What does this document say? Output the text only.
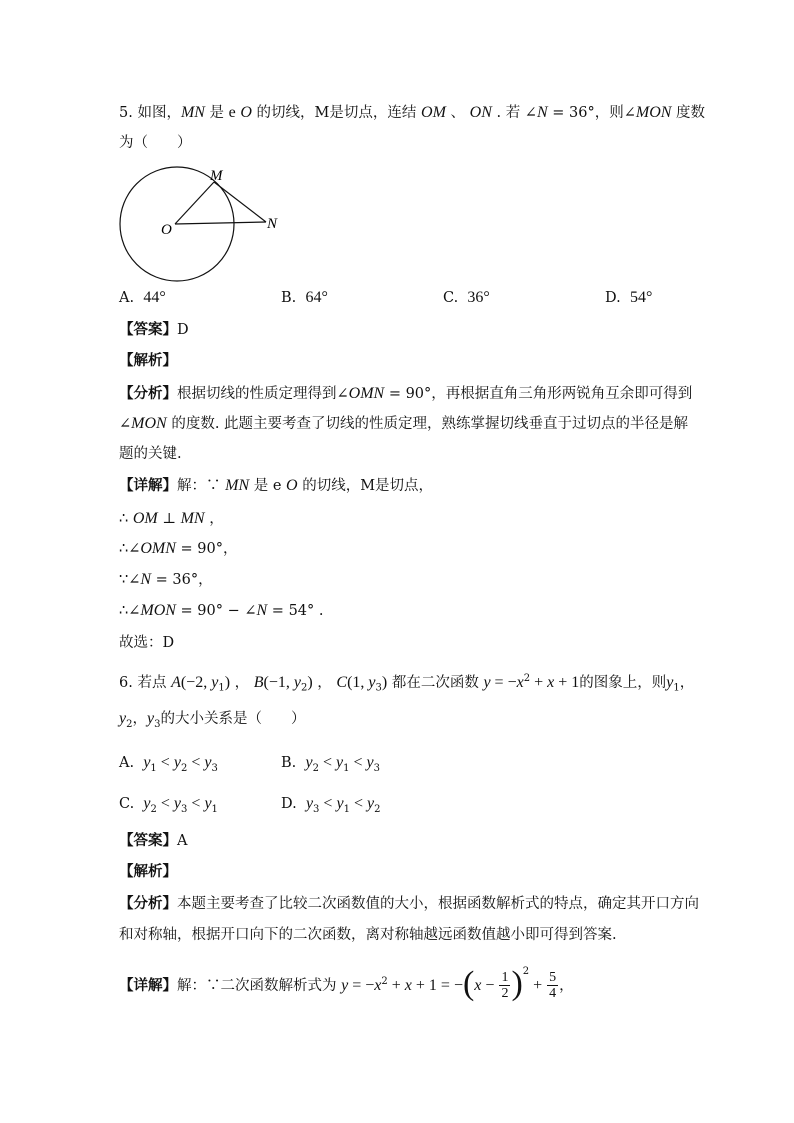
5. 如图，MN 是 e O 的切线，M是切点，连结 OM 、 ON . 若 ∠N = 36°，则∠MON 度数
为（　　）
M
O	N
A. 44°	B. 64°	C. 36°	D. 54°
【答案】D
【解析】
【分析】根据切线的性质定理得到∠OMN = 90°，再根据直角三角形两锐角互余即可得到
∠MON 的度数. 此题主要考查了切线的性质定理，熟练掌握切线垂直于过切点的半径是解
题的关键.
【详解】解：∵ MN 是 e O 的切线，M是切点，
∴ OM ⊥ MN ，
∴∠OMN = 90°，
∵∠N = 36°，
∴∠MON = 90° − ∠N = 54° .
故选：D
6. 若点 A(−2, $y_1$) ， B(−1, $y_2$) ， C(1, $y_3$) 都在二次函数 $y = -x^2 + x + 1$的图象上，则$y_1$，
$y_2$，$y_3$的大小关系是（　　）
A. $y_1 < y_2 < y_3$	B. $y_2 < y_1 < y_3$
C. $y_2 < y_3 < y_1$	D. $y_3 < y_1 < y_2$
【答案】A
【解析】
【分析】本题主要考查了比较二次函数值的大小，根据函数解析式的特点，确定其开口方向
和对称轴，根据开口向下的二次函数，离对称轴越远函数值越小即可得到答案.
【详解】解：∵二次函数解析式为 $y = -x^2 + x + 1 = -(x - \frac{1}{2} )^2 + \frac{5}{4}$ ，
